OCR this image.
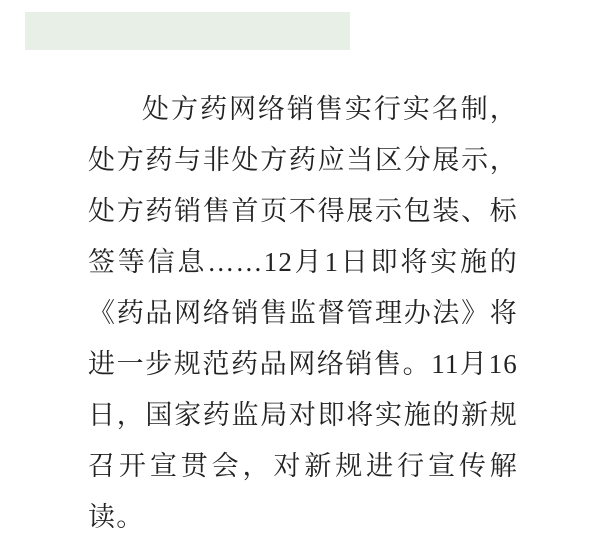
处方药网络销售实行实名制，处方药与非处方药应当区分展示，处方药销售首页不得展示包装、标签等信息……12月1日即将实施的《药品网络销售监督管理办法》将进一步规范药品网络销售。11月16日，国家药监局对即将实施的新规召开宣贯会，对新规进行宣传解读。
